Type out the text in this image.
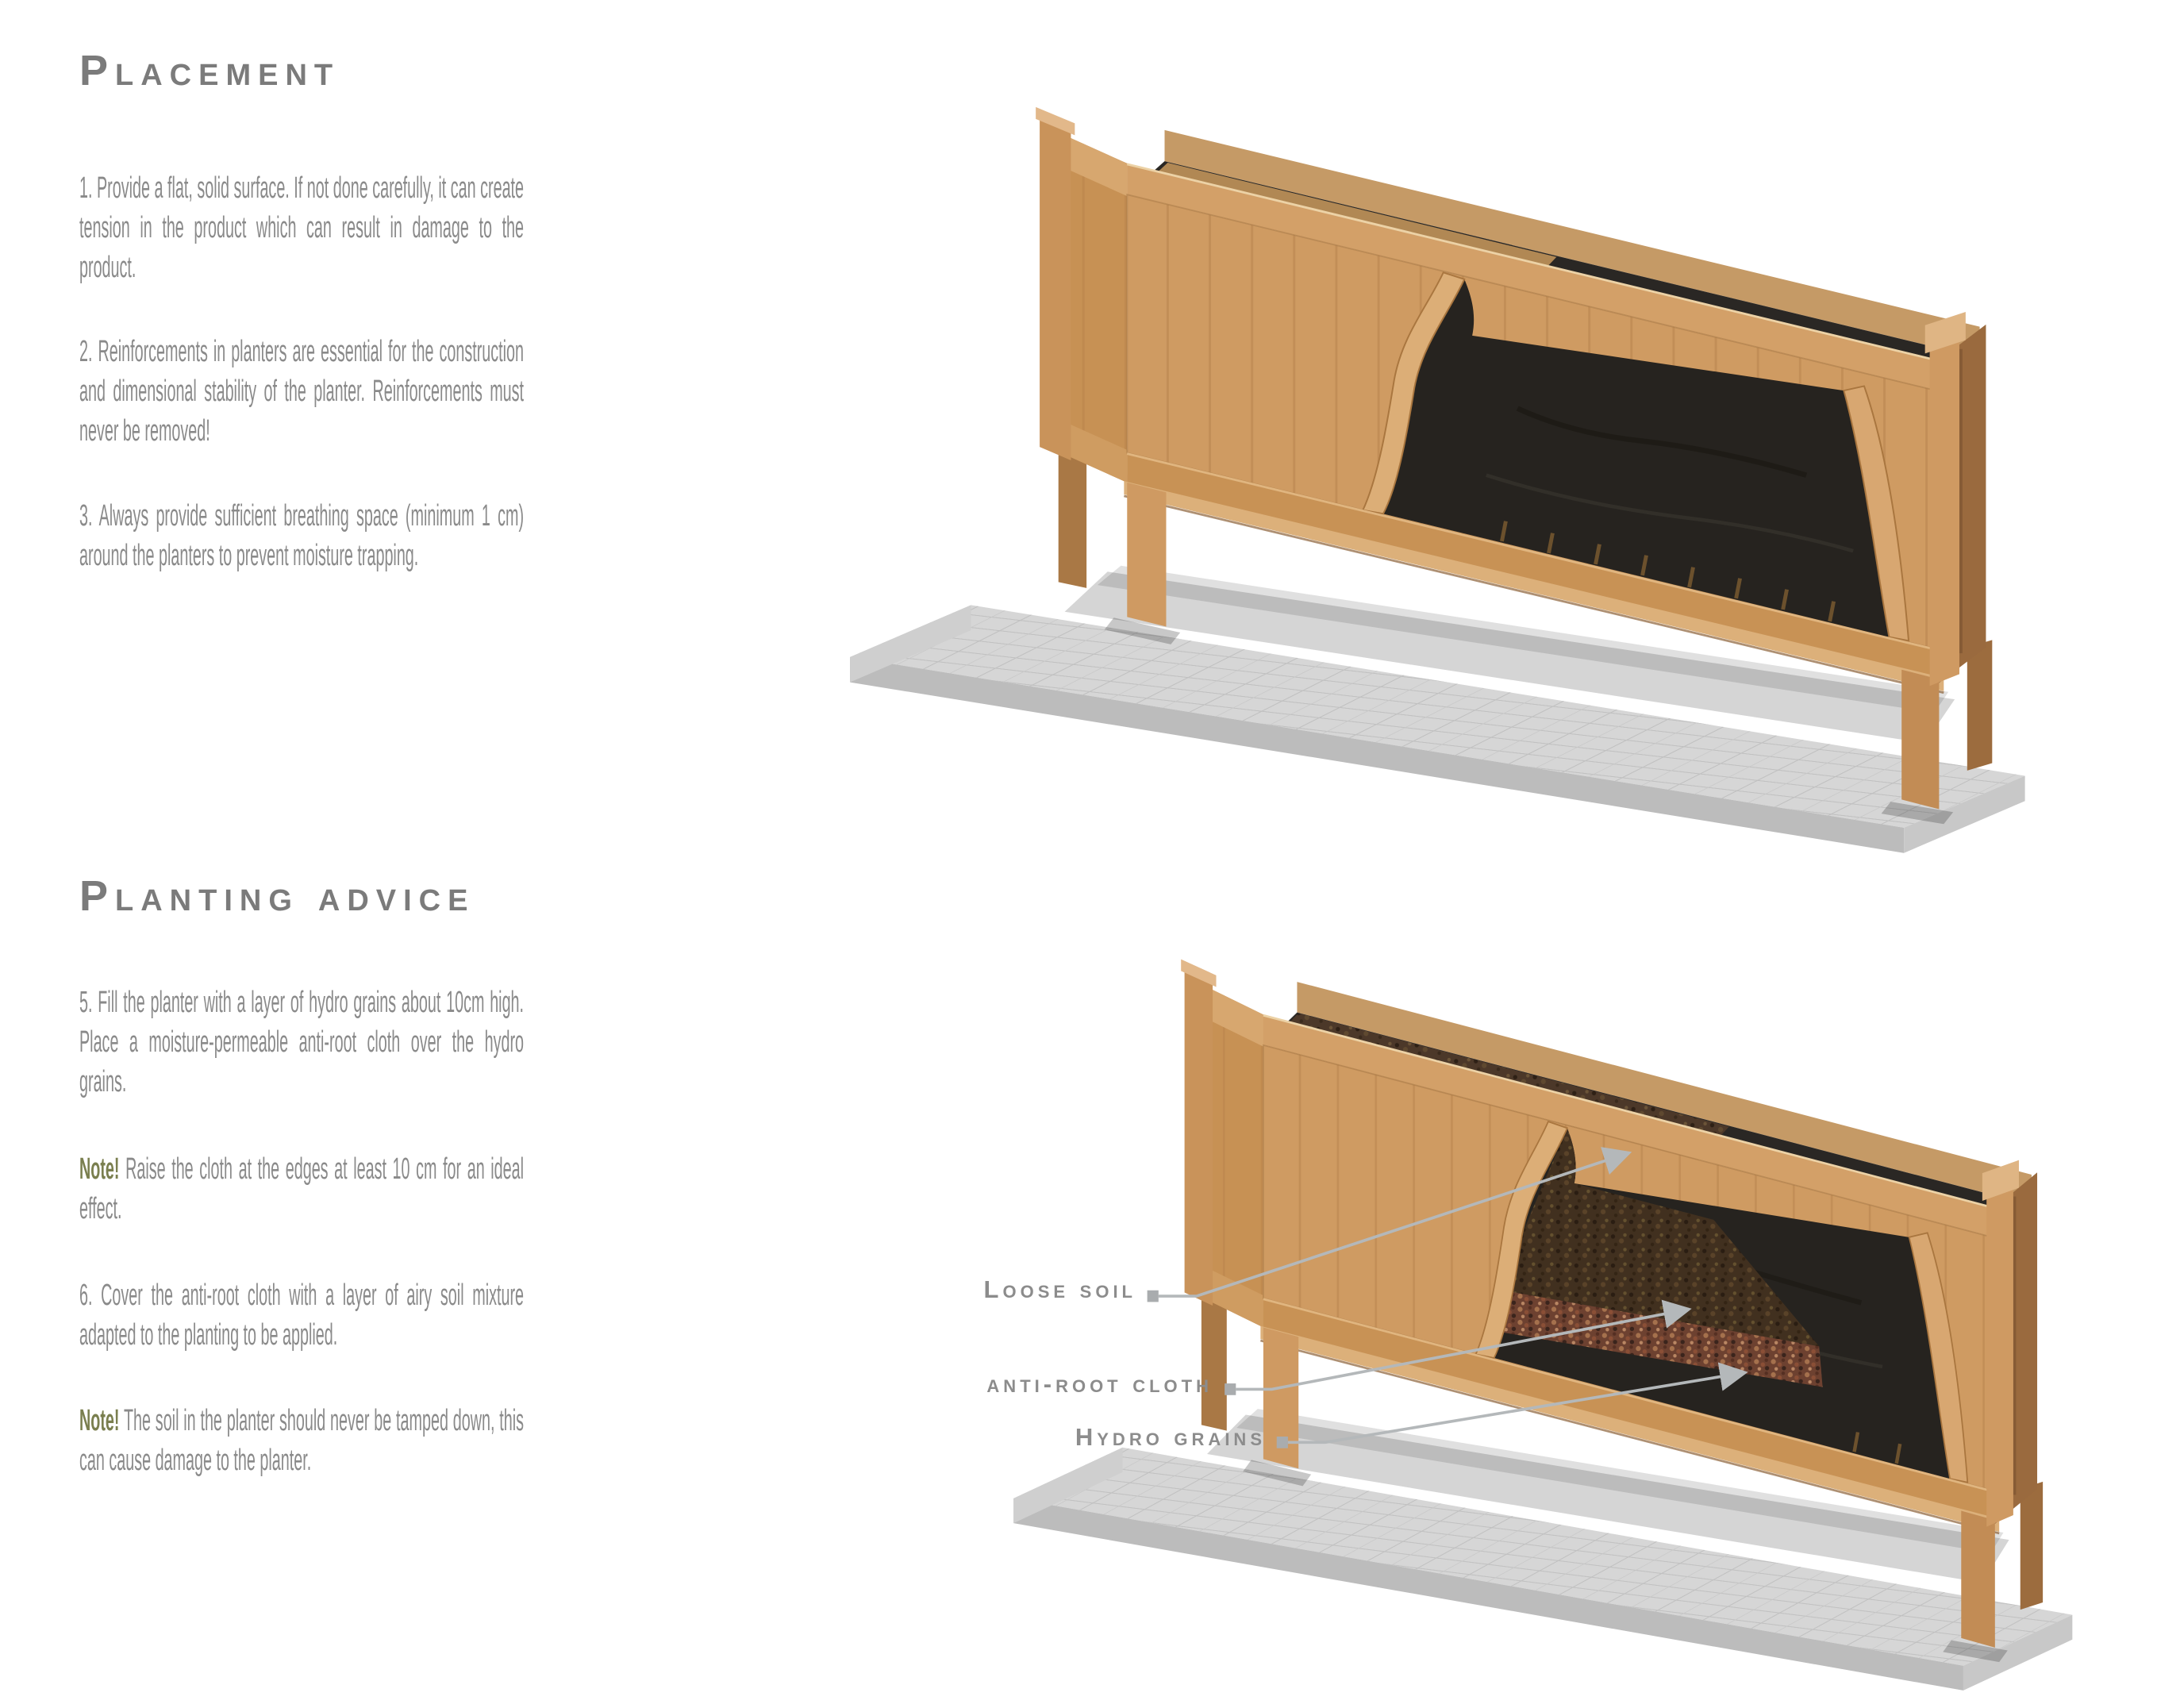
Placement
1. Provide a flat, solid surface. If not done carefully, it can create tension in the product which can result in damage to the product.
2. Reinforcements in planters are essential for the construction and dimensional stability of the planter. Reinforcements must never be removed!
3. Always provide sufficient breathing space (minimum 1 cm) around the planters to prevent moisture trapping.
Planting advice
5. Fill the planter with a layer of hydro grains about 10cm high. Place a moisture-permeable anti-root cloth over the hydro grains.
Note! Raise the cloth at the edges at least 10 cm for an ideal effect.
6. Cover the anti-root cloth with a layer of airy soil mixture adapted to the planting to be applied.
Note! The soil in the planter should never be tamped down, this can cause damage to the planter.
Loose soil
anti-root cloth
Hydro grains
